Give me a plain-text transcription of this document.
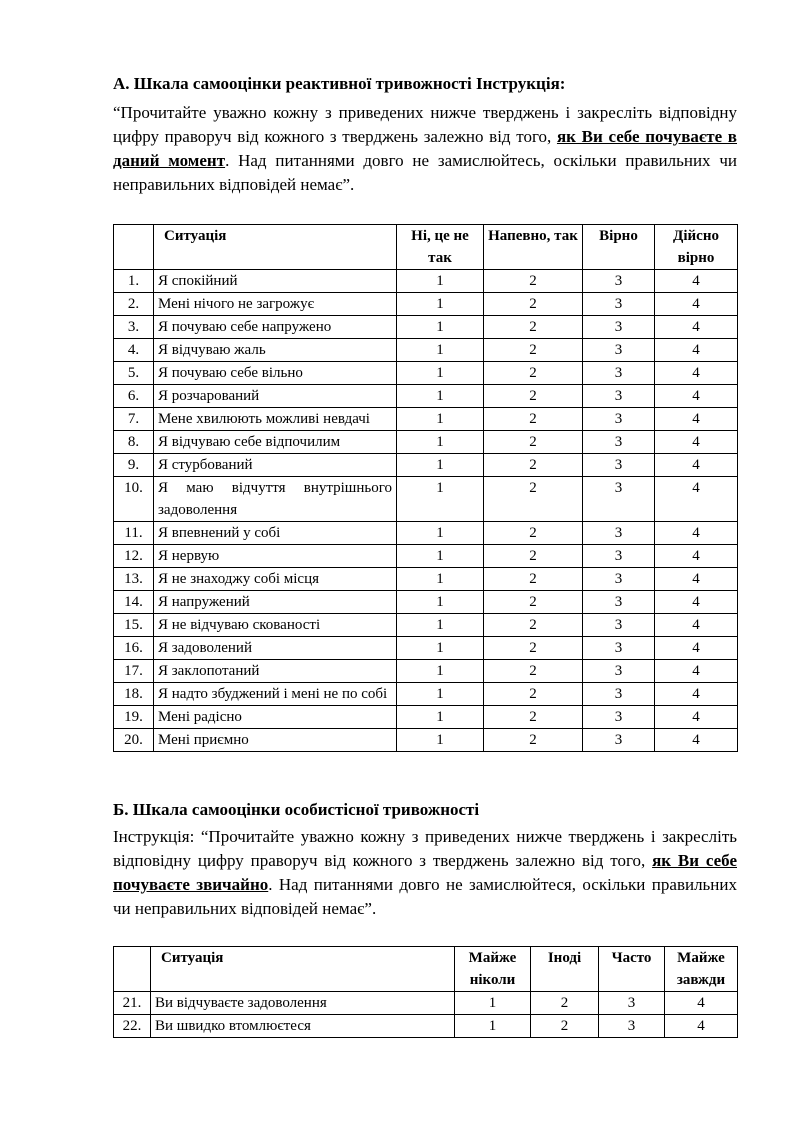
А. Шкала самооцінки реактивної тривожності Інструкція:
“Прочитайте уважно кожну з приведених нижче тверджень і закресліть відповідну цифру праворуч від кожного з тверджень залежно від того, як Ви себе почуваєте в даний момент. Над питаннями довго не замислюйтесь, оскільки правильних чи неправильних відповідей немає”.
	Ситуація	Ні, це не так	Напевно, так	Вірно	Дійсно вірно
1.	Я спокійний	1	2	3	4
2.	Мені нічого не загрожує	1	2	3	4
3.	Я почуваю себе напружено	1	2	3	4
4.	Я відчуваю жаль	1	2	3	4
5.	Я почуваю себе вільно	1	2	3	4
6.	Я розчарований	1	2	3	4
7.	Мене хвилюють можливі невдачі	1	2	3	4
8.	Я відчуваю себе відпочилим	1	2	3	4
9.	Я стурбований	1	2	3	4
10.	Я маю відчуття внутрішнього задоволення	1	2	3	4
11.	Я впевнений у собі	1	2	3	4
12.	Я нервую	1	2	3	4
13.	Я не знаходжу собі місця	1	2	3	4
14.	Я напружений	1	2	3	4
15.	Я не відчуваю скованості	1	2	3	4
16.	Я задоволений	1	2	3	4
17.	Я заклопотаний	1	2	3	4
18.	Я надто збуджений і мені не по собі	1	2	3	4
19.	Мені радісно	1	2	3	4
20.	Мені приємно	1	2	3	4
Б. Шкала самооцінки особистісної тривожності
Інструкція: “Прочитайте уважно кожну з приведених нижче тверджень і закресліть відповідну цифру праворуч від кожного з тверджень залежно від того, як Ви себе почуваєте звичайно. Над питаннями довго не замислюйтеся, оскільки правильних чи неправильних відповідей немає”.
	Ситуація	Майже ніколи	Іноді	Часто	Майже завжди
21.	Ви відчуваєте задоволення	1	2	3	4
22.	Ви швидко втомлюєтеся	1	2	3	4
